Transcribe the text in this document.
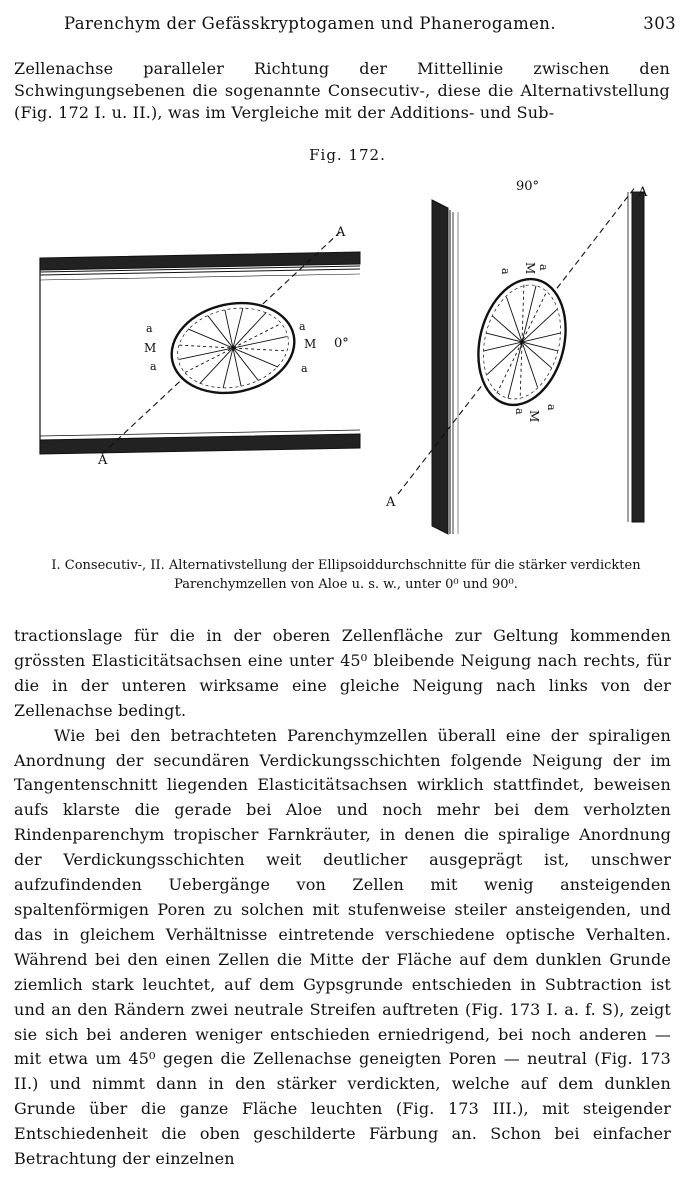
Parenchym der Gefässkryptogamen und Phanerogamen.	303

Zellenachse paralleler Richtung der Mittellinie zwischen den Schwingungsebenen die sogenannte Consecutiv-, diese die Alternativstellung (Fig. 172 I. u. II.), was im Vergleiche mit der Additions- und Sub-

Fig. 172.
A
A
0°
a
a
M	M
a
a
A
A
90°
a M a
a M
a

I. Consecutiv-, II. Alternativstellung der Ellipsoiddurchschnitte für die stärker verdickten

Parenchymzellen von Aloe u. s. w., unter 0⁰ und 90⁰.

tractionslage für die in der oberen Zellenfläche zur Geltung kommenden grössten Elasticitätsachsen eine unter 45⁰ bleibende Neigung nach rechts, für die in der unteren wirksame eine gleiche Neigung nach links von der Zellenachse bedingt.

Wie bei den betrachteten Parenchymzellen überall eine der spiraligen Anordnung der secundären Verdickungsschichten folgende Neigung der im Tangentenschnitt liegenden Elasticitätsachsen wirklich stattfindet, beweisen aufs klarste die gerade bei Aloe und noch mehr bei dem verholzten Rindenparenchym tropischer Farnkräuter, in denen die spiralige Anordnung der Verdickungsschichten weit deutlicher ausgeprägt ist, unschwer aufzufindenden Uebergänge von Zellen mit wenig ansteigenden spaltenförmigen Poren zu solchen mit stufenweise steiler ansteigenden, und das in gleichem Verhältnisse eintretende verschiedene optische Verhalten. Während bei den einen Zellen die Mitte der Fläche auf dem dunklen Grunde ziemlich stark leuchtet, auf dem Gypsgrunde entschieden in Subtraction ist und an den Rändern zwei neutrale Streifen auftreten (Fig. 173 I. a. f. S), zeigt sie sich bei anderen weniger entschieden erniedrigend, bei noch anderen — mit etwa um 45⁰ gegen die Zellenachse geneigten Poren — neutral (Fig. 173 II.) und nimmt dann in den stärker verdickten, welche auf dem dunklen Grunde über die ganze Fläche leuchten (Fig. 173 III.), mit steigender Entschiedenheit die oben geschilderte Färbung an. Schon bei einfacher Betrachtung der einzelnen
